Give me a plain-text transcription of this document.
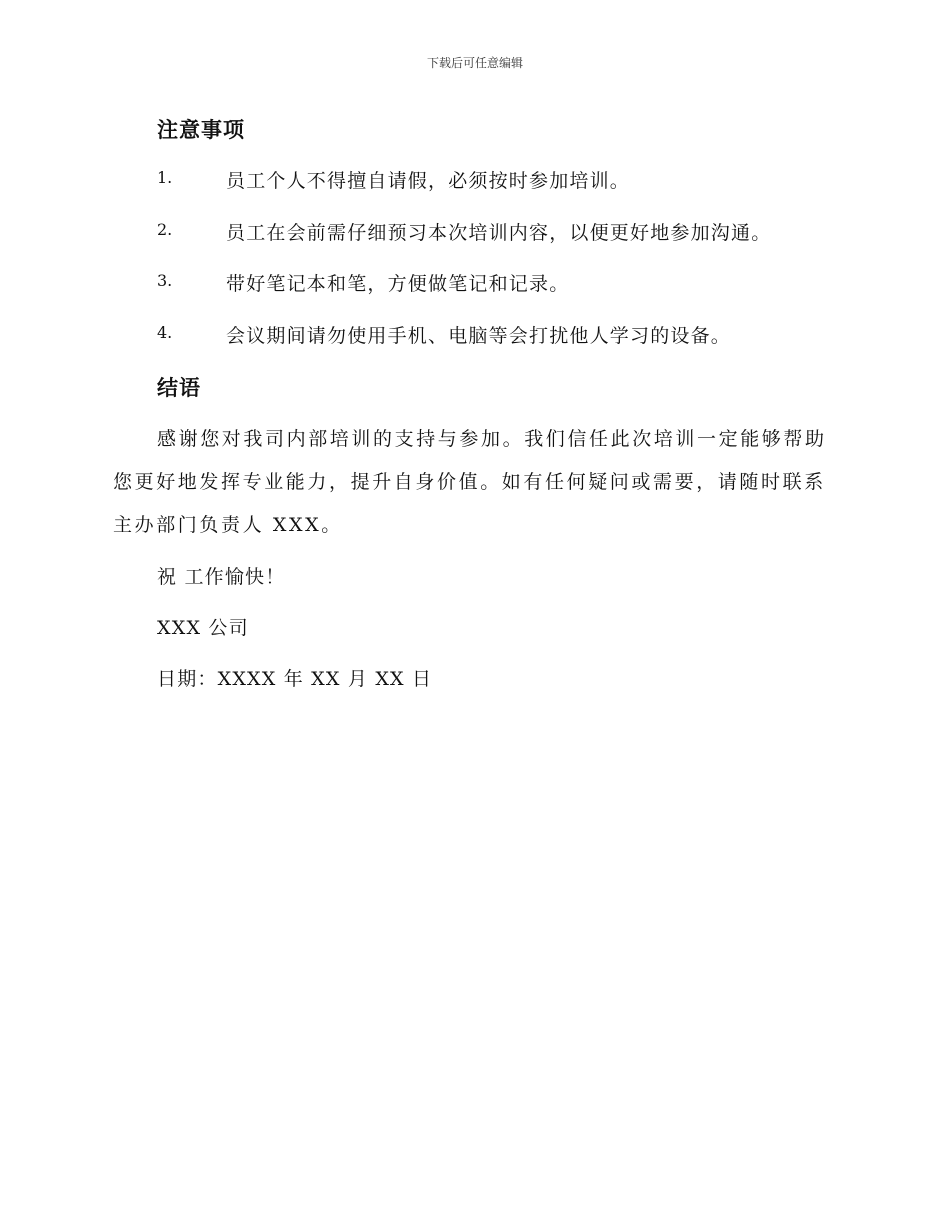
下载后可任意编辑
注意事项
1.	员工个人不得擅自请假，必须按时参加培训。
2.	员工在会前需仔细预习本次培训内容，以便更好地参加沟通。
3.	带好笔记本和笔，方便做笔记和记录。
4.	会议期间请勿使用手机、电脑等会打扰他人学习的设备。
结语
感谢您对我司内部培训的支持与参加。我们信任此次培训一定能够帮助
您更好地发挥专业能力，提升自身价值。如有任何疑问或需要，请随时联系
主办部门负责人 XXX。
祝 工作愉快！
XXX 公司
日期：XXXX 年 XX 月 XX 日
